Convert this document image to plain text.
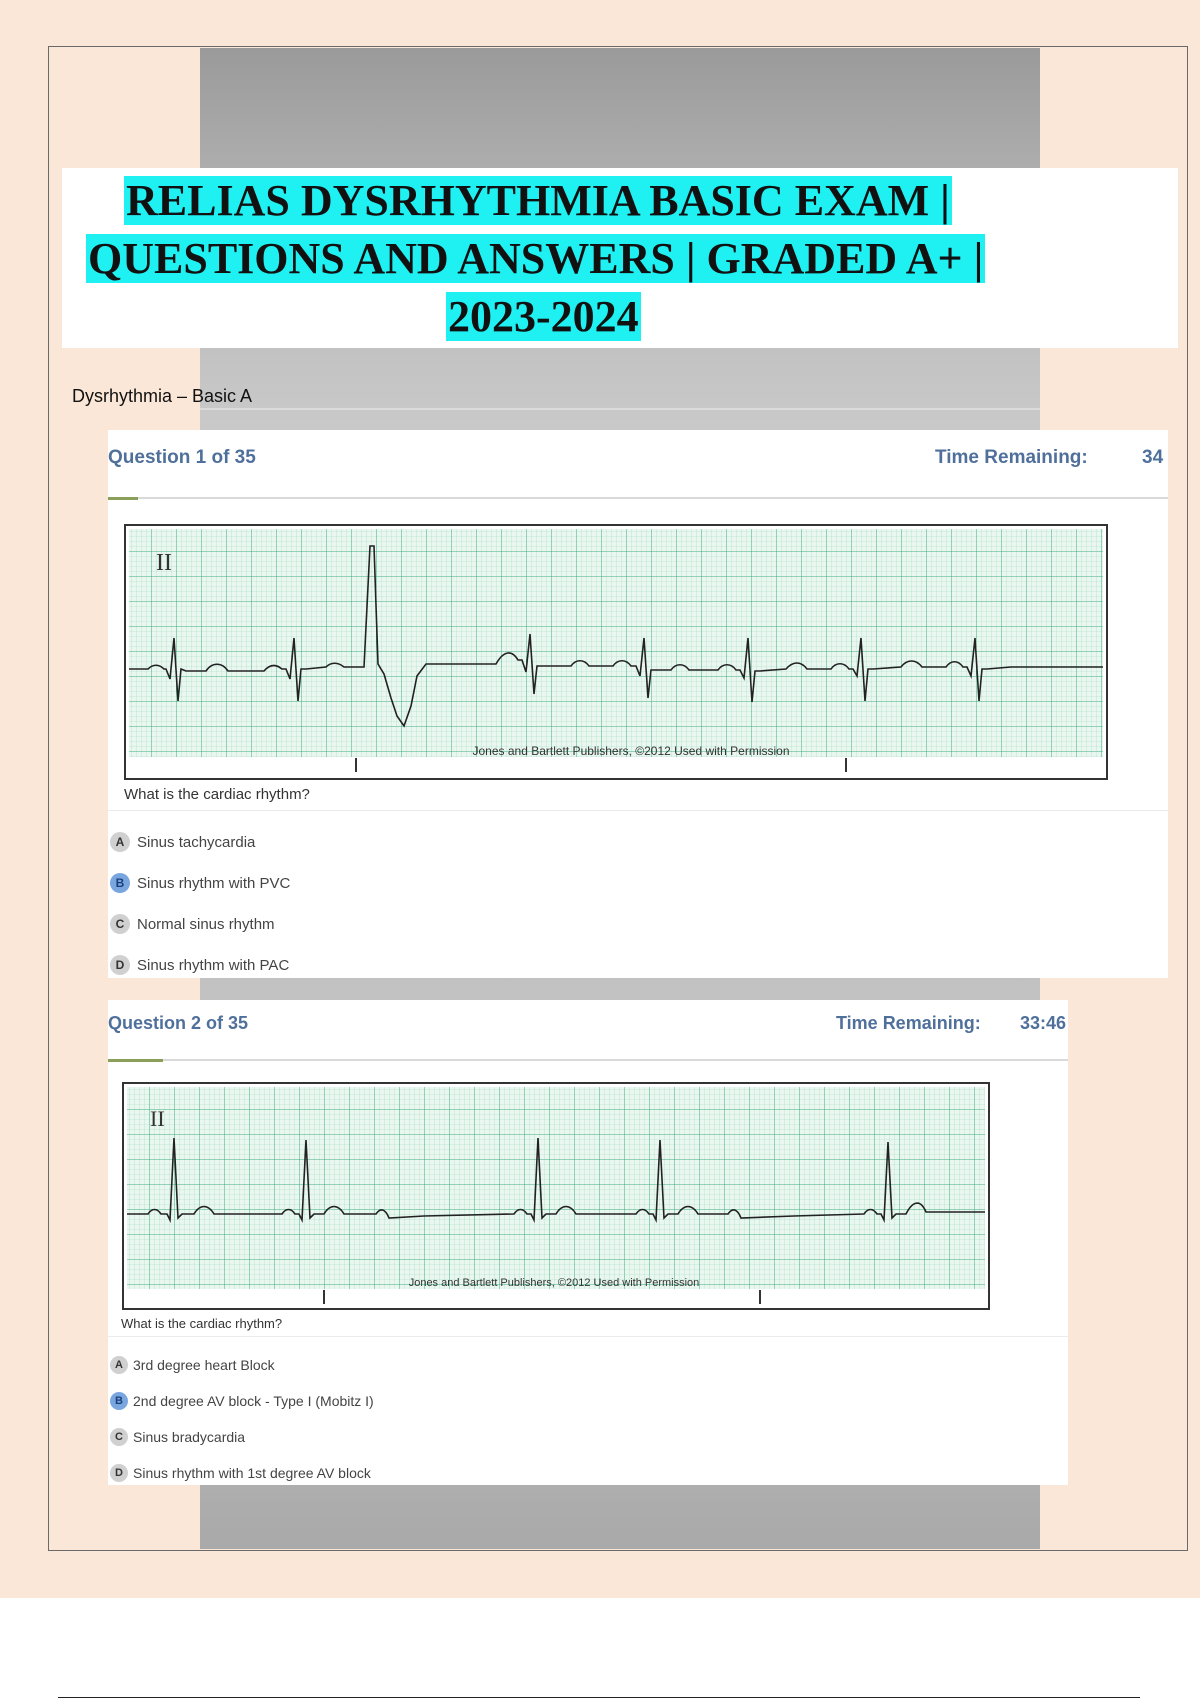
RELIAS DYSRHYTHMIA BASIC EXAM |
QUESTIONS AND ANSWERS | GRADED A+ |
2023-2024
Dysrhythmia – Basic A
Question 1 of 35	Time Remaining:	34
II
Jones and Bartlett Publishers, ©2012 Used with Permission
What is the cardiac rhythm?
A Sinus tachycardia
B Sinus rhythm with PVC
C Normal sinus rhythm
D Sinus rhythm with PAC
Question 2 of 35	Time Remaining: 33:46
II
Jones and Bartlett Publishers, ©2012 Used with Permission
What is the cardiac rhythm?
A 3rd degree heart Block
B 2nd degree AV block - Type I (Mobitz I)
C Sinus bradycardia
D Sinus rhythm with 1st degree AV block
